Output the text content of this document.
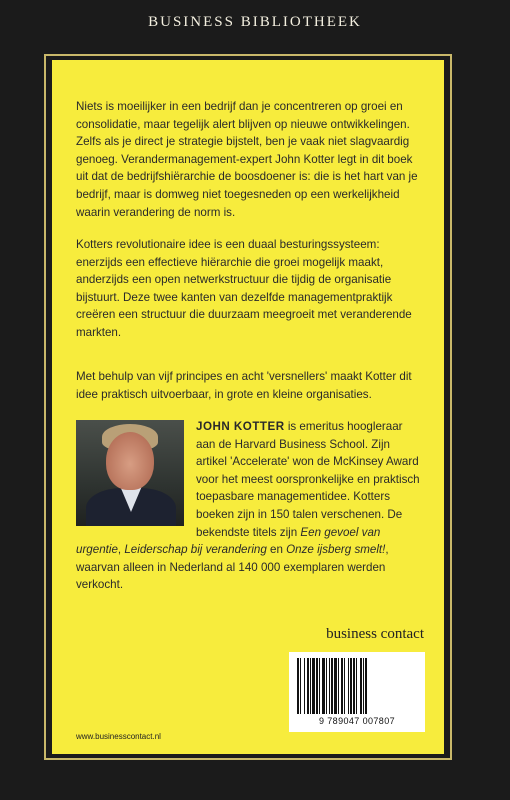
BUSINESS BIBLIOTHEEK
Niets is moeilijker in een bedrijf dan je concentreren op groei en consolidatie, maar tegelijk alert blijven op nieuwe ontwikkelingen. Zelfs als je direct je strategie bijstelt, ben je vaak niet slagvaardig genoeg. Verandermanagement-expert John Kotter legt in dit boek uit dat de bedrijfshiërarchie de boosdoener is: die is het hart van je bedrijf, maar is domweg niet toegesneden op een werkelijkheid waarin verandering de norm is.
Kotters revolutionaire idee is een duaal besturingssysteem: enerzijds een effectieve hiërarchie die groei mogelijk maakt, anderzijds een open netwerkstructuur die tijdig de organisatie bijstuurt. Deze twee kanten van dezelfde managementpraktijk creëren een structuur die duurzaam meegroeit met veranderende markten.
Met behulp van vijf principes en acht 'versnellers' maakt Kotter dit idee praktisch uitvoerbaar, in grote en kleine organisaties.
JOHN KOTTER is emeritus hoogleraar aan de Harvard Business School. Zijn artikel 'Accelerate' won de McKinsey Award voor het meest oorspronkelijke en praktisch toepasbare managementidee. Kotters boeken zijn in 150 talen verschenen. De bekendste titels zijn Een gevoel van urgentie, Leiderschap bij verandering en Onze ijsberg smelt!, waarvan alleen in Nederland al 140 000 exemplaren werden verkocht.
business contact
9 789047 007807
www.businesscontact.nl
